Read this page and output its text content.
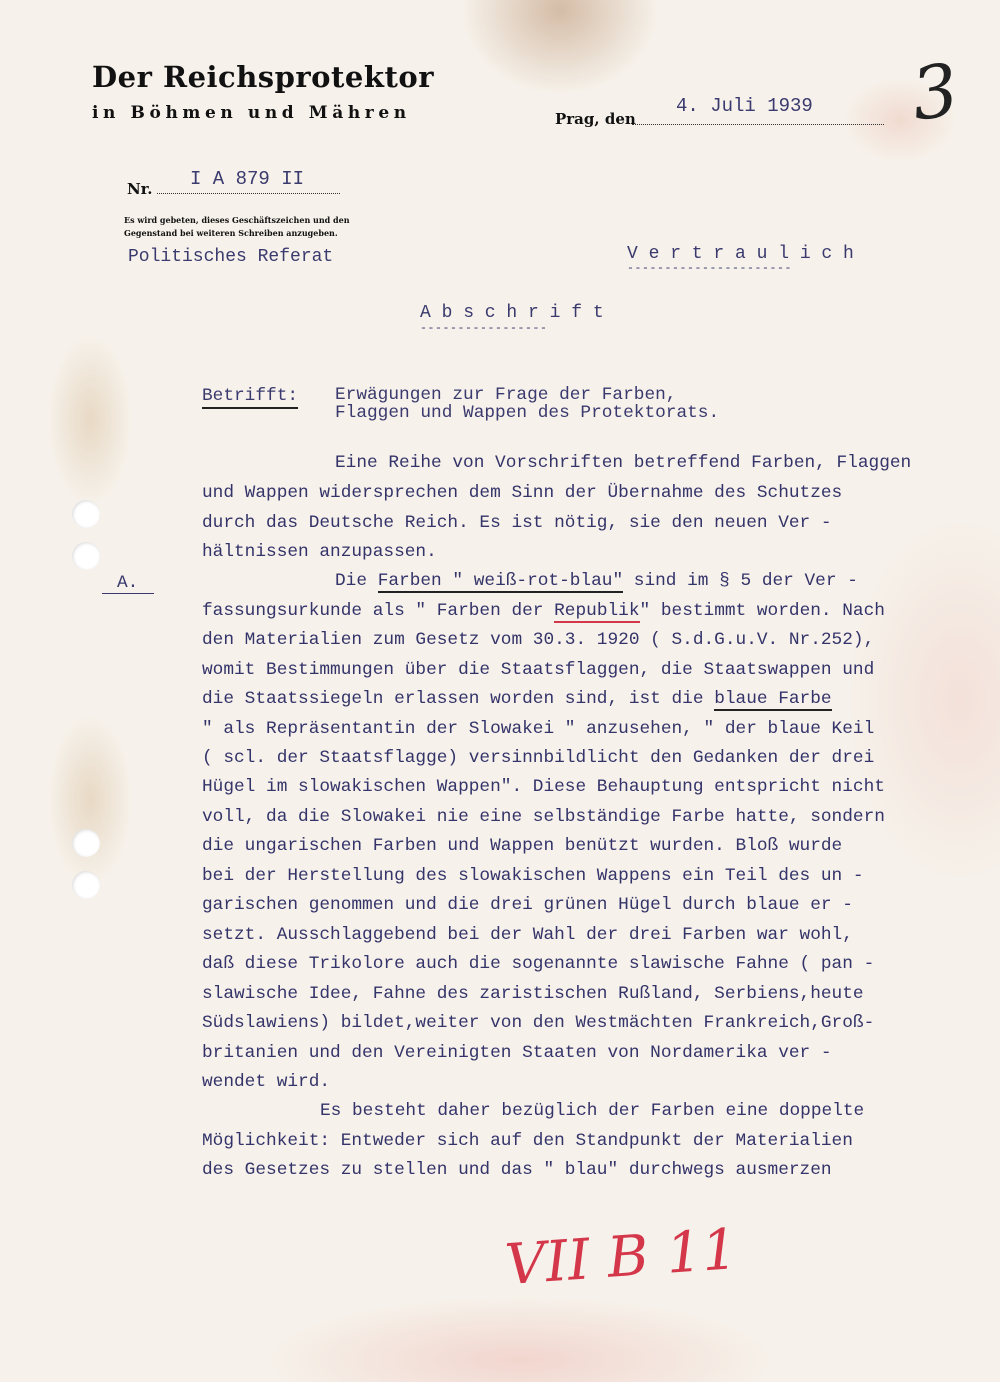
Der Reichsprotektor
in Böhmen und Mähren	Prag, den
4. Juli 1939 3
Nr. I A 879 II
Es wird gebeten, dieses Geschäftszeichen und den
Gegenstand bei weiteren Schreiben anzugeben.
Politisches Referat	V e r t r a u l i c h
----------------------
A b s c h r i f t
-----------------
Betrifft: Erwägungen zur Frage der Farben,
Flaggen und Wappen des Protektorats.
A.
Eine Reihe von Vorschriften betreffend Farben, Flaggen
und Wappen widersprechen dem Sinn der Übernahme des Schutzes
durch das Deutsche Reich. Es ist nötig, sie den neuen Ver -
hältnissen anzupassen.
Die Farben " weiß-rot-blau" sind im § 5 der Ver -
fassungsurkunde als " Farben der Republik" bestimmt worden. Nach
den Materialien zum Gesetz vom 30.3. 1920 ( S.d.G.u.V. Nr.252),
womit Bestimmungen über die Staatsflaggen, die Staatswappen und
die Staatssiegeln erlassen worden sind, ist die blaue Farbe
" als Repräsentantin der Slowakei " anzusehen, " der blaue Keil
( scl. der Staatsflagge) versinnbildlicht den Gedanken der drei
Hügel im slowakischen Wappen". Diese Behauptung entspricht nicht
voll, da die Slowakei nie eine selbständige Farbe hatte, sondern
die ungarischen Farben und Wappen benützt wurden. Bloß wurde
bei der Herstellung des slowakischen Wappens ein Teil des un -
garischen genommen und die drei grünen Hügel durch blaue er -
setzt. Ausschlaggebend bei der Wahl der drei Farben war wohl,
daß diese Trikolore auch die sogenannte slawische Fahne ( pan -
slawische Idee, Fahne des zaristischen Rußland, Serbiens,heute
Südslawiens) bildet,weiter von den Westmächten Frankreich,Groß-
britanien und den Vereinigten Staaten von Nordamerika ver -
wendet wird.
Es besteht daher bezüglich der Farben eine doppelte
Möglichkeit: Entweder sich auf den Standpunkt der Materialien
des Gesetzes zu stellen und das " blau" durchwegs ausmerzen
VII B 11
